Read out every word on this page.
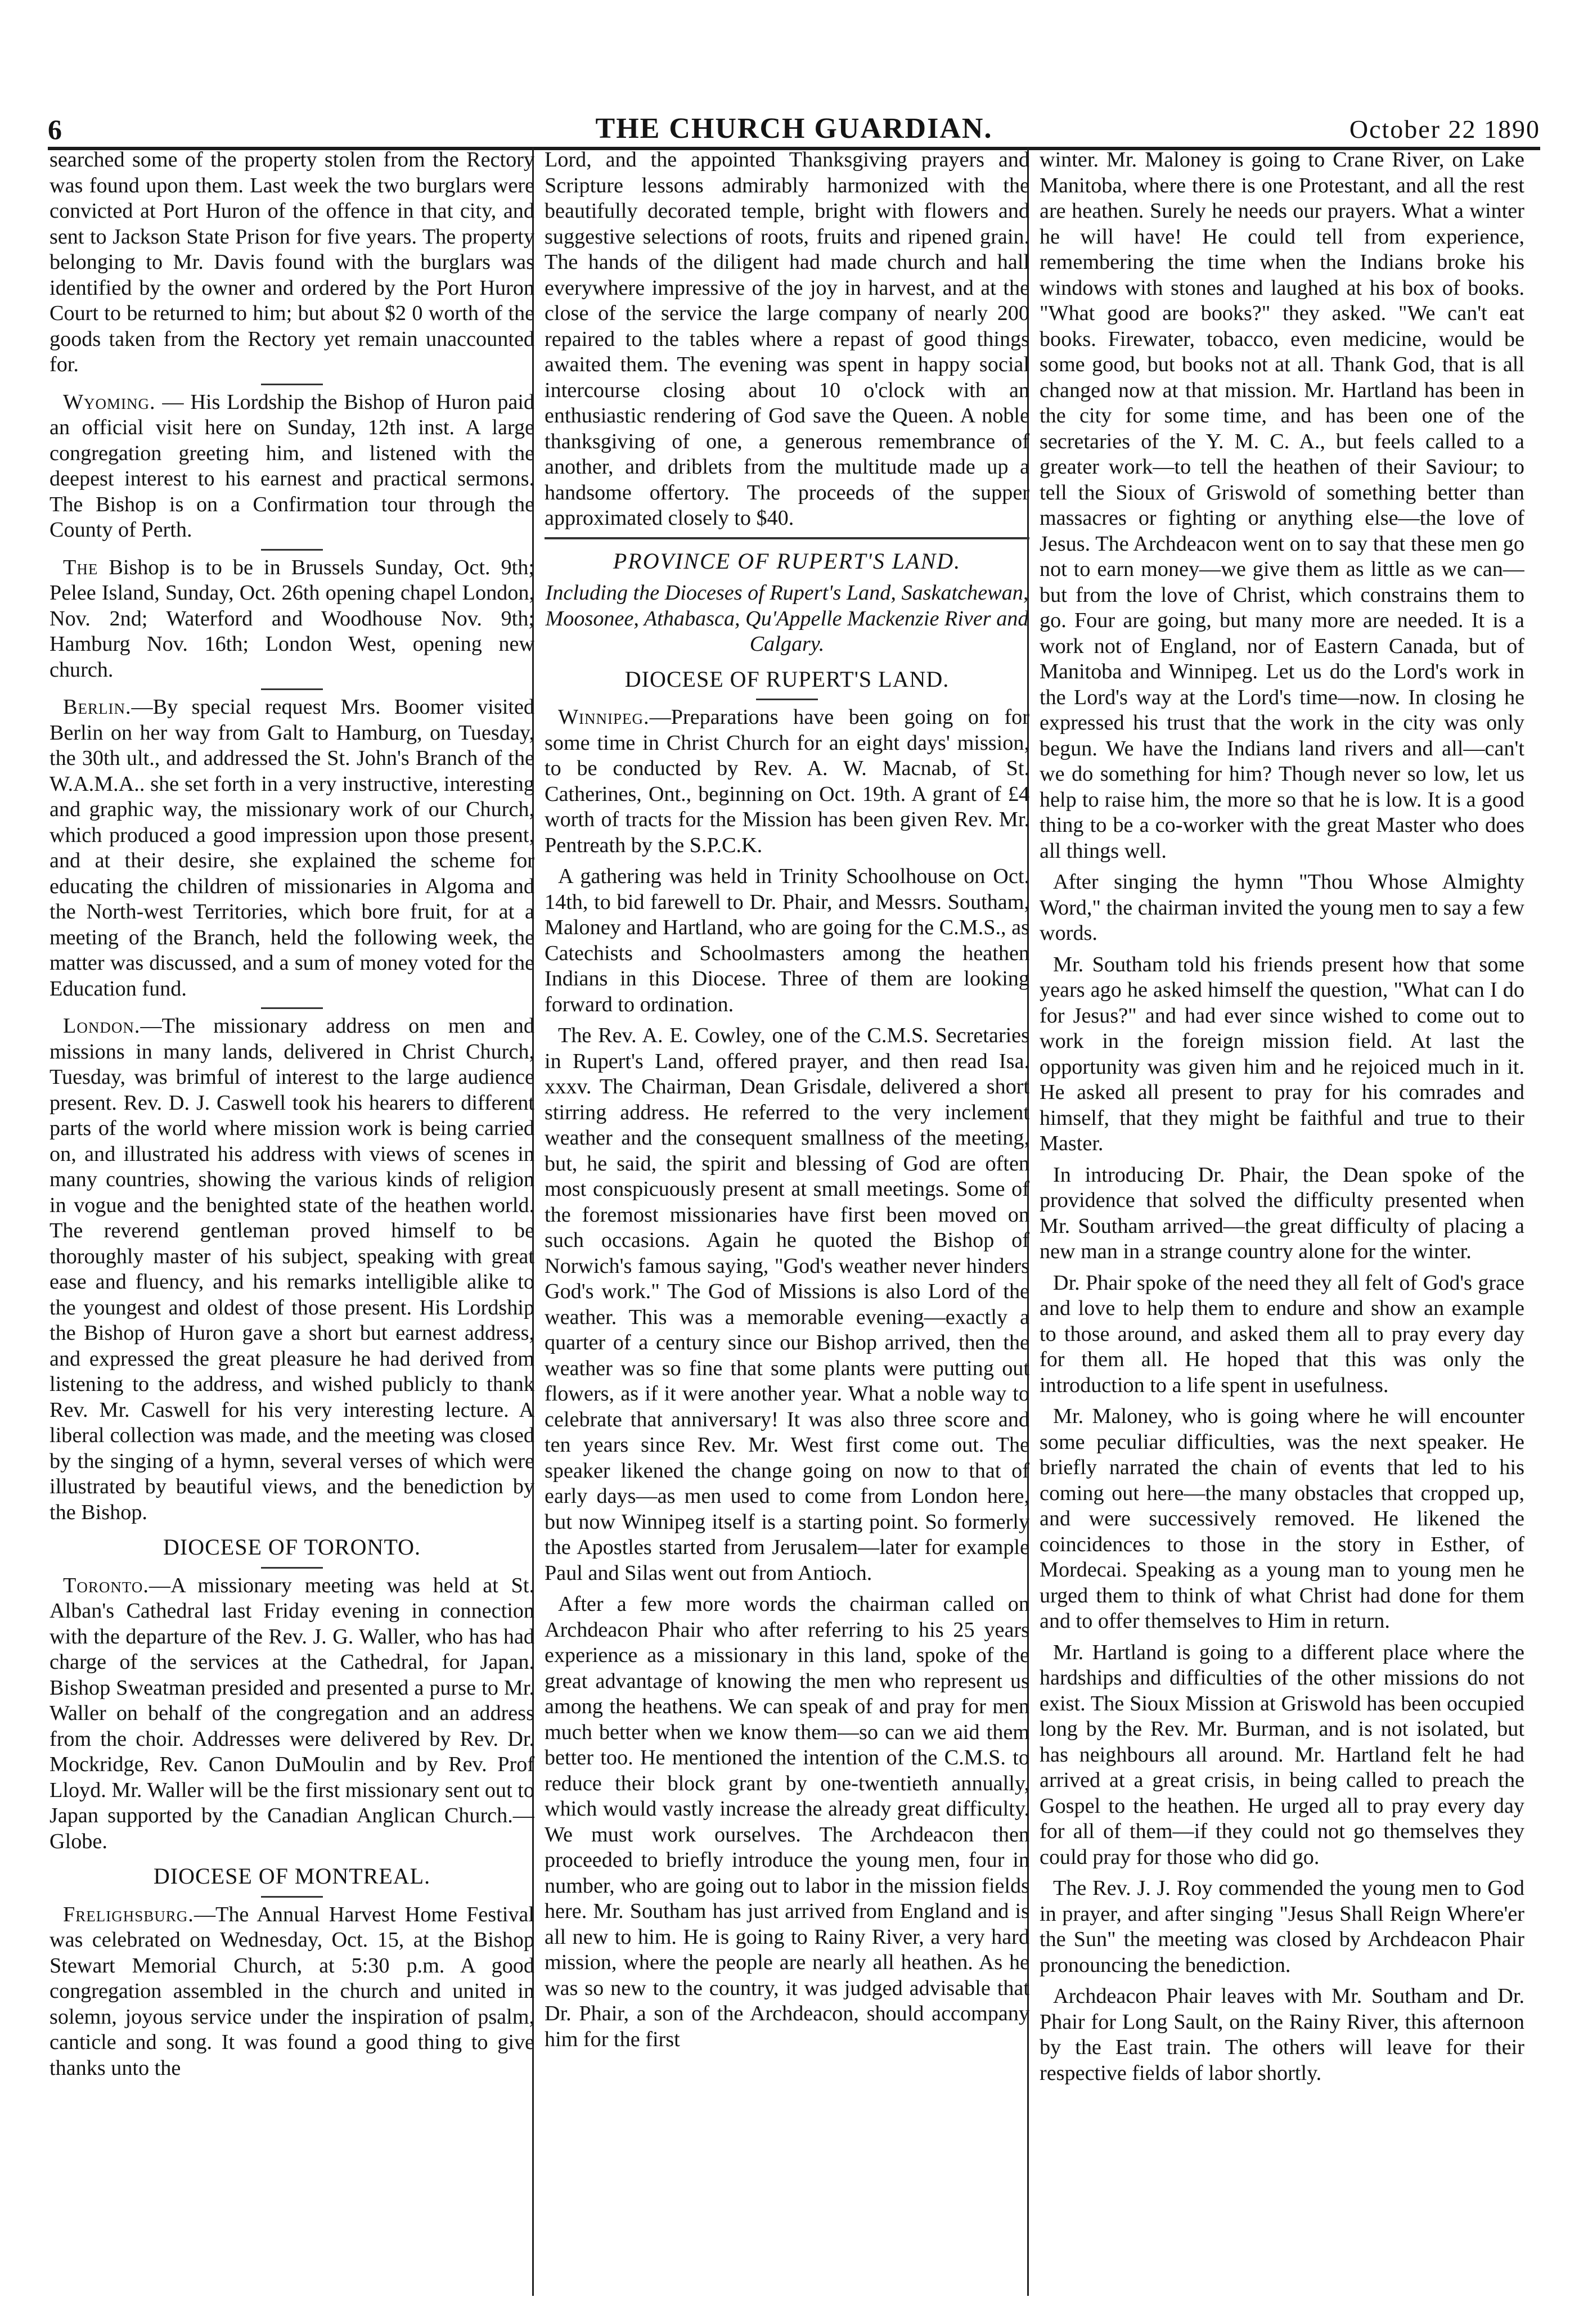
6	THE CHURCH GUARDIAN.	October 22 1890

searched some of the property stolen from the Rectory was found upon them. Last week the two burglars were convicted at Port Huron of the offence in that city, and sent to Jackson State Prison for five years. The property belonging to Mr. Davis found with the burglars was identified by the owner and ordered by the Port Huron Court to be returned to him; but about $2 0 worth of the goods taken from the Rectory yet remain unaccounted for.

Wyoming. — His Lordship the Bishop of Huron paid an official visit here on Sunday, 12th inst. A large congregation greeting him, and listened with the deepest interest to his earnest and practical sermons. The Bishop is on a Confirmation tour through the County of Perth.

The Bishop is to be in Brussels Sunday, Oct. 9th; Pelee Island, Sunday, Oct. 26th opening chapel London, Nov. 2nd; Waterford and Woodhouse Nov. 9th; Hamburg Nov. 16th; London West, opening new church.

Berlin.—By special request Mrs. Boomer visited Berlin on her way from Galt to Hamburg, on Tuesday, the 30th ult., and addressed the St. John's Branch of the W.A.M.A.. she set forth in a very instructive, interesting and graphic way, the missionary work of our Church, which produced a good impression upon those present, and at their desire, she explained the scheme for educating the children of missionaries in Algoma and the North-west Territories, which bore fruit, for at a meeting of the Branch, held the following week, the matter was discussed, and a sum of money voted for the Education fund.

London.—The missionary address on men and missions in many lands, delivered in Christ Church, Tuesday, was brimful of interest to the large audience present. Rev. D. J. Caswell took his hearers to different parts of the world where mission work is being carried on, and illustrated his address with views of scenes in many countries, showing the various kinds of religion in vogue and the benighted state of the heathen world. The reverend gentleman proved himself to be thoroughly master of his subject, speaking with great ease and fluency, and his remarks intelligible alike to the youngest and oldest of those present. His Lordship the Bishop of Huron gave a short but earnest address, and expressed the great pleasure he had derived from listening to the address, and wished publicly to thank Rev. Mr. Caswell for his very interesting lecture. A liberal collection was made, and the meeting was closed by the singing of a hymn, several verses of which were illustrated by beautiful views, and the benediction by the Bishop.

DIOCESE OF TORONTO.

Toronto.—A missionary meeting was held at St. Alban's Cathedral last Friday evening in connection with the departure of the Rev. J. G. Waller, who has had charge of the services at the Cathedral, for Japan. Bishop Sweatman presided and presented a purse to Mr. Waller on behalf of the congregation and an address from the choir. Addresses were delivered by Rev. Dr. Mockridge, Rev. Canon DuMoulin and by Rev. Prof Lloyd. Mr. Waller will be the first missionary sent out to Japan supported by the Canadian Anglican Church.—Globe.

DIOCESE OF MONTREAL.

Frelighsburg.—The Annual Harvest Home Festival was celebrated on Wednesday, Oct. 15, at the Bishop Stewart Memorial Church, at 5:30 p.m. A good congregation assembled in the church and united in solemn, joyous service under the inspiration of psalm, canticle and song. It was found a good thing to give thanks unto the

Lord, and the appointed Thanksgiving prayers and Scripture lessons admirably harmonized with the beautifully decorated temple, bright with flowers and suggestive selections of roots, fruits and ripened grain. The hands of the diligent had made church and hall everywhere impressive of the joy in harvest, and at the close of the service the large company of nearly 200 repaired to the tables where a repast of good things awaited them. The evening was spent in happy social intercourse closing about 10 o'clock with an enthusiastic rendering of God save the Queen. A noble thanksgiving of one, a generous remembrance of another, and driblets from the multitude made up a handsome offertory. The proceeds of the supper approximated closely to $40.

PROVINCE OF RUPERT'S LAND.

Including the Dioceses of Rupert's Land, Saskatchewan, Moosonee, Athabasca, Qu'Appelle Mackenzie River and Calgary.

DIOCESE OF RUPERT'S LAND.

Winnipeg.—Preparations have been going on for some time in Christ Church for an eight days' mission, to be conducted by Rev. A. W. Macnab, of St. Catherines, Ont., beginning on Oct. 19th. A grant of £4 worth of tracts for the Mission has been given Rev. Mr. Pentreath by the S.P.C.K.

A gathering was held in Trinity Schoolhouse on Oct. 14th, to bid farewell to Dr. Phair, and Messrs. Southam, Maloney and Hartland, who are going for the C.M.S., as Catechists and Schoolmasters among the heathen Indians in this Diocese. Three of them are looking forward to ordination.

The Rev. A. E. Cowley, one of the C.M.S. Secretaries in Rupert's Land, offered prayer, and then read Isa. xxxv. The Chairman, Dean Grisdale, delivered a short stirring address. He referred to the very inclement weather and the consequent smallness of the meeting, but, he said, the spirit and blessing of God are often most conspicuously present at small meetings. Some of the foremost missionaries have first been moved on such occasions. Again he quoted the Bishop of Norwich's famous saying, "God's weather never hinders God's work." The God of Missions is also Lord of the weather. This was a memorable evening—exactly a quarter of a century since our Bishop arrived, then the weather was so fine that some plants were putting out flowers, as if it were another year. What a noble way to celebrate that anniversary! It was also three score and ten years since Rev. Mr. West first come out. The speaker likened the change going on now to that of early days—as men used to come from London here, but now Winnipeg itself is a starting point. So formerly the Apostles started from Jerusalem—later for example Paul and Silas went out from Antioch.

After a few more words the chairman called on Archdeacon Phair who after referring to his 25 years experience as a missionary in this land, spoke of the great advantage of knowing the men who represent us among the heathens. We can speak of and pray for men much better when we know them—so can we aid them better too. He mentioned the intention of the C.M.S. to reduce their block grant by one-twentieth annually, which would vastly increase the already great difficulty. We must work ourselves. The Archdeacon then proceeded to briefly introduce the young men, four in number, who are going out to labor in the mission fields here. Mr. Southam has just arrived from England and is all new to him. He is going to Rainy River, a very hard mission, where the people are nearly all heathen. As he was so new to the country, it was judged advisable that Dr. Phair, a son of the Archdeacon, should accompany him for the first

winter. Mr. Maloney is going to Crane River, on Lake Manitoba, where there is one Protestant, and all the rest are heathen. Surely he needs our prayers. What a winter he will have! He could tell from experience, remembering the time when the Indians broke his windows with stones and laughed at his box of books. "What good are books?" they asked. "We can't eat books. Firewater, tobacco, even medicine, would be some good, but books not at all. Thank God, that is all changed now at that mission. Mr. Hartland has been in the city for some time, and has been one of the secretaries of the Y. M. C. A., but feels called to a greater work—to tell the heathen of their Saviour; to tell the Sioux of Griswold of something better than massacres or fighting or anything else—the love of Jesus. The Archdeacon went on to say that these men go not to earn money—we give them as little as we can—but from the love of Christ, which constrains them to go. Four are going, but many more are needed. It is a work not of England, nor of Eastern Canada, but of Manitoba and Winnipeg. Let us do the Lord's work in the Lord's way at the Lord's time—now. In closing he expressed his trust that the work in the city was only begun. We have the Indians land rivers and all—can't we do something for him? Though never so low, let us help to raise him, the more so that he is low. It is a good thing to be a co-worker with the great Master who does all things well.

After singing the hymn "Thou Whose Almighty Word," the chairman invited the young men to say a few words.

Mr. Southam told his friends present how that some years ago he asked himself the question, "What can I do for Jesus?" and had ever since wished to come out to work in the foreign mission field. At last the opportunity was given him and he rejoiced much in it. He asked all present to pray for his comrades and himself, that they might be faithful and true to their Master.

In introducing Dr. Phair, the Dean spoke of the providence that solved the difficulty presented when Mr. Southam arrived—the great difficulty of placing a new man in a strange country alone for the winter.

Dr. Phair spoke of the need they all felt of God's grace and love to help them to endure and show an example to those around, and asked them all to pray every day for them all. He hoped that this was only the introduction to a life spent in usefulness.

Mr. Maloney, who is going where he will encounter some peculiar difficulties, was the next speaker. He briefly narrated the chain of events that led to his coming out here—the many obstacles that cropped up, and were successively removed. He likened the coincidences to those in the story in Esther, of Mordecai. Speaking as a young man to young men he urged them to think of what Christ had done for them and to offer themselves to Him in return.

Mr. Hartland is going to a different place where the hardships and difficulties of the other missions do not exist. The Sioux Mission at Griswold has been occupied long by the Rev. Mr. Burman, and is not isolated, but has neighbours all around. Mr. Hartland felt he had arrived at a great crisis, in being called to preach the Gospel to the heathen. He urged all to pray every day for all of them—if they could not go themselves they could pray for those who did go.

The Rev. J. J. Roy commended the young men to God in prayer, and after singing "Jesus Shall Reign Where'er the Sun" the meeting was closed by Archdeacon Phair pronouncing the benediction.

Archdeacon Phair leaves with Mr. Southam and Dr. Phair for Long Sault, on the Rainy River, this afternoon by the East train. The others will leave for their respective fields of labor shortly.
